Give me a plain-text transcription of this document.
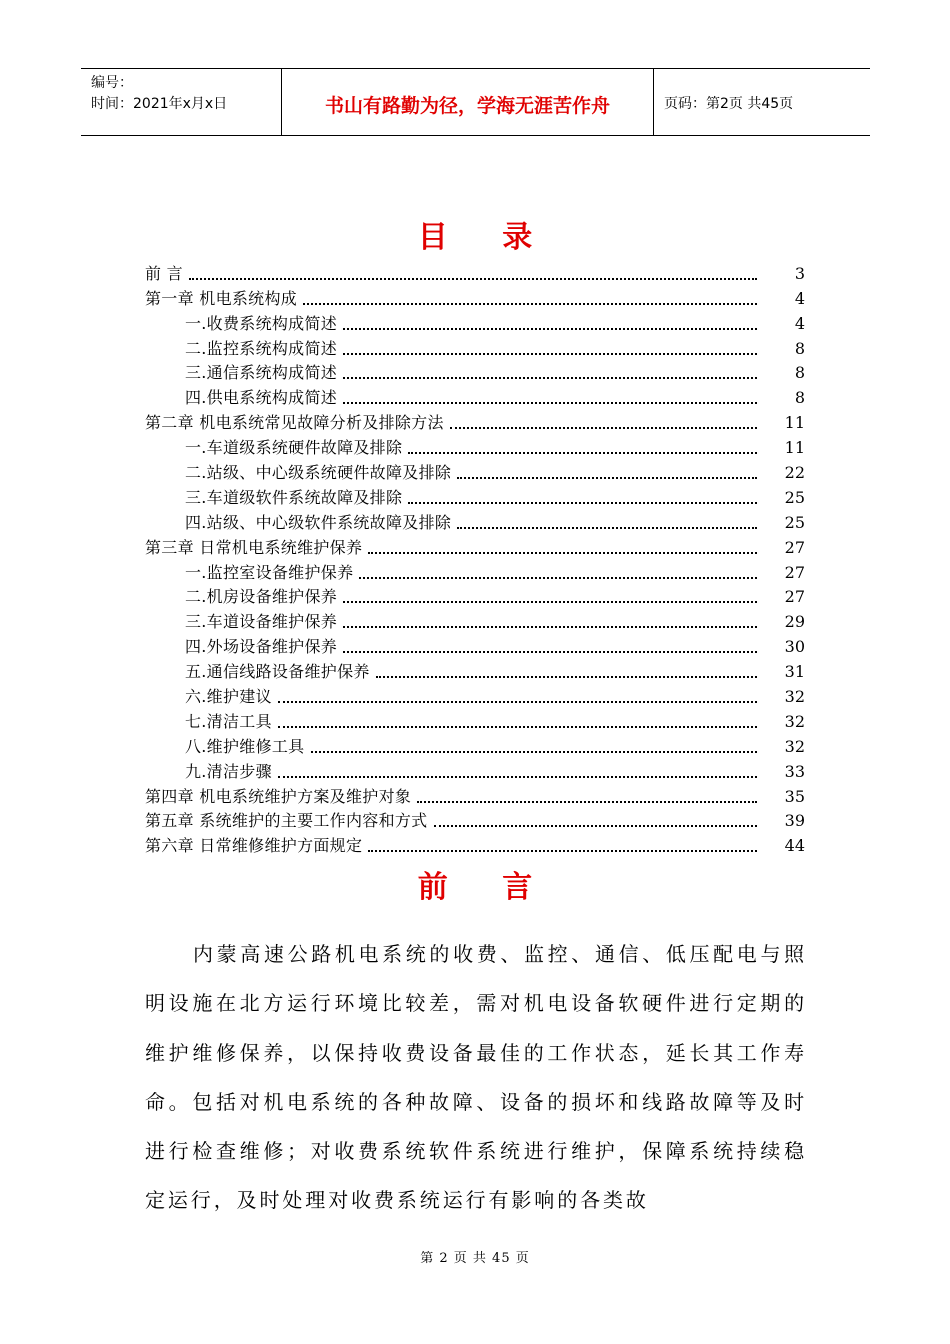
编号：
时间：2021年x月x日	书山有路勤为径，学海无涯苦作舟	页码：第2页 共45页
目 录
前 言	3
第一章 机电系统构成	4
一.收费系统构成简述	4
二.监控系统构成简述	8
三.通信系统构成简述	8
四.供电系统构成简述	8
第二章 机电系统常见故障分析及排除方法	11
一.车道级系统硬件故障及排除	11
二.站级、中心级系统硬件故障及排除	22
三.车道级软件系统故障及排除	25
四.站级、中心级软件系统故障及排除	25
第三章 日常机电系统维护保养	27
一.监控室设备维护保养	27
二.机房设备维护保养	27
三.车道设备维护保养	29
四.外场设备维护保养	30
五.通信线路设备维护保养	31
六.维护建议	32
七.清洁工具	32
八.维护维修工具	32
九.清洁步骤	33
第四章 机电系统维护方案及维护对象	35
第五章 系统维护的主要工作内容和方式	39
第六章 日常维修维护方面规定	44
前 言
内蒙高速公路机电系统的收费、监控、通信、低压配电与照明设施在北方运行环境比较差，需对机电设备软硬件进行定期的维护维修保养，以保持收费设备最佳的工作状态，延长其工作寿命。包括对机电系统的各种故障、设备的损坏和线路故障等及时进行检查维修；对收费系统软件系统进行维护，保障系统持续稳定运行，及时处理对收费系统运行有影响的各类故
第 2 页 共 45 页
